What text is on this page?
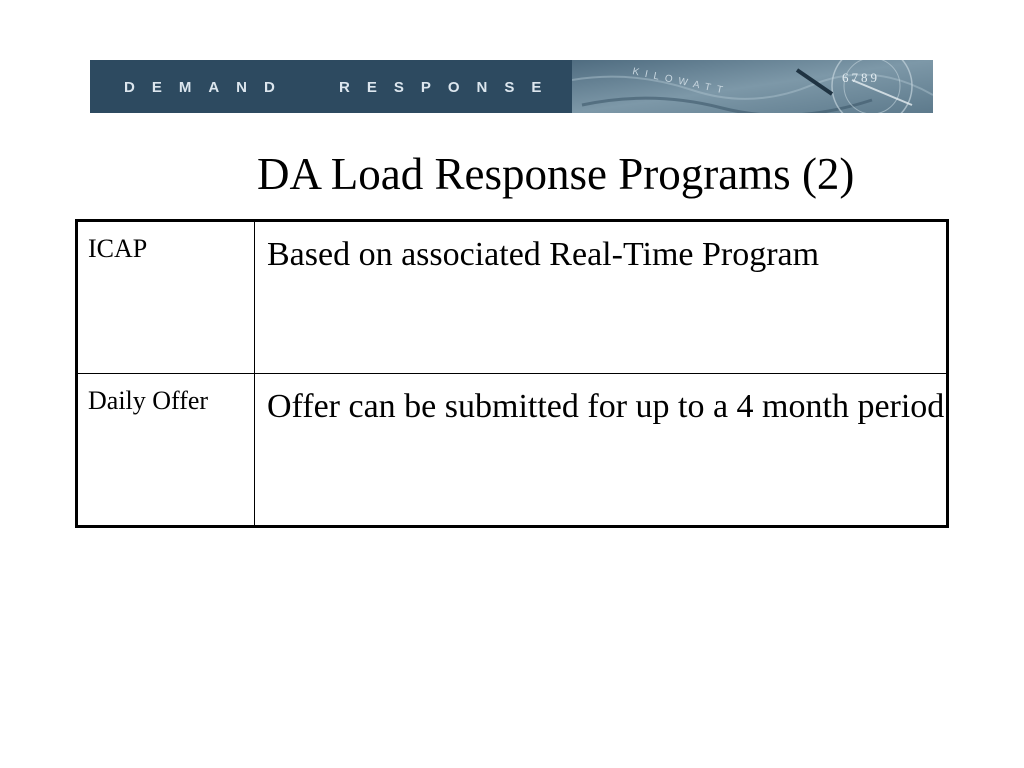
DEMAND RESPONSE	KILOWATT	6789
DA Load Response Programs (2)
ICAP	Based on associated Real-Time Program
Daily Offer	Offer can be submitted for up to a 4 month period
